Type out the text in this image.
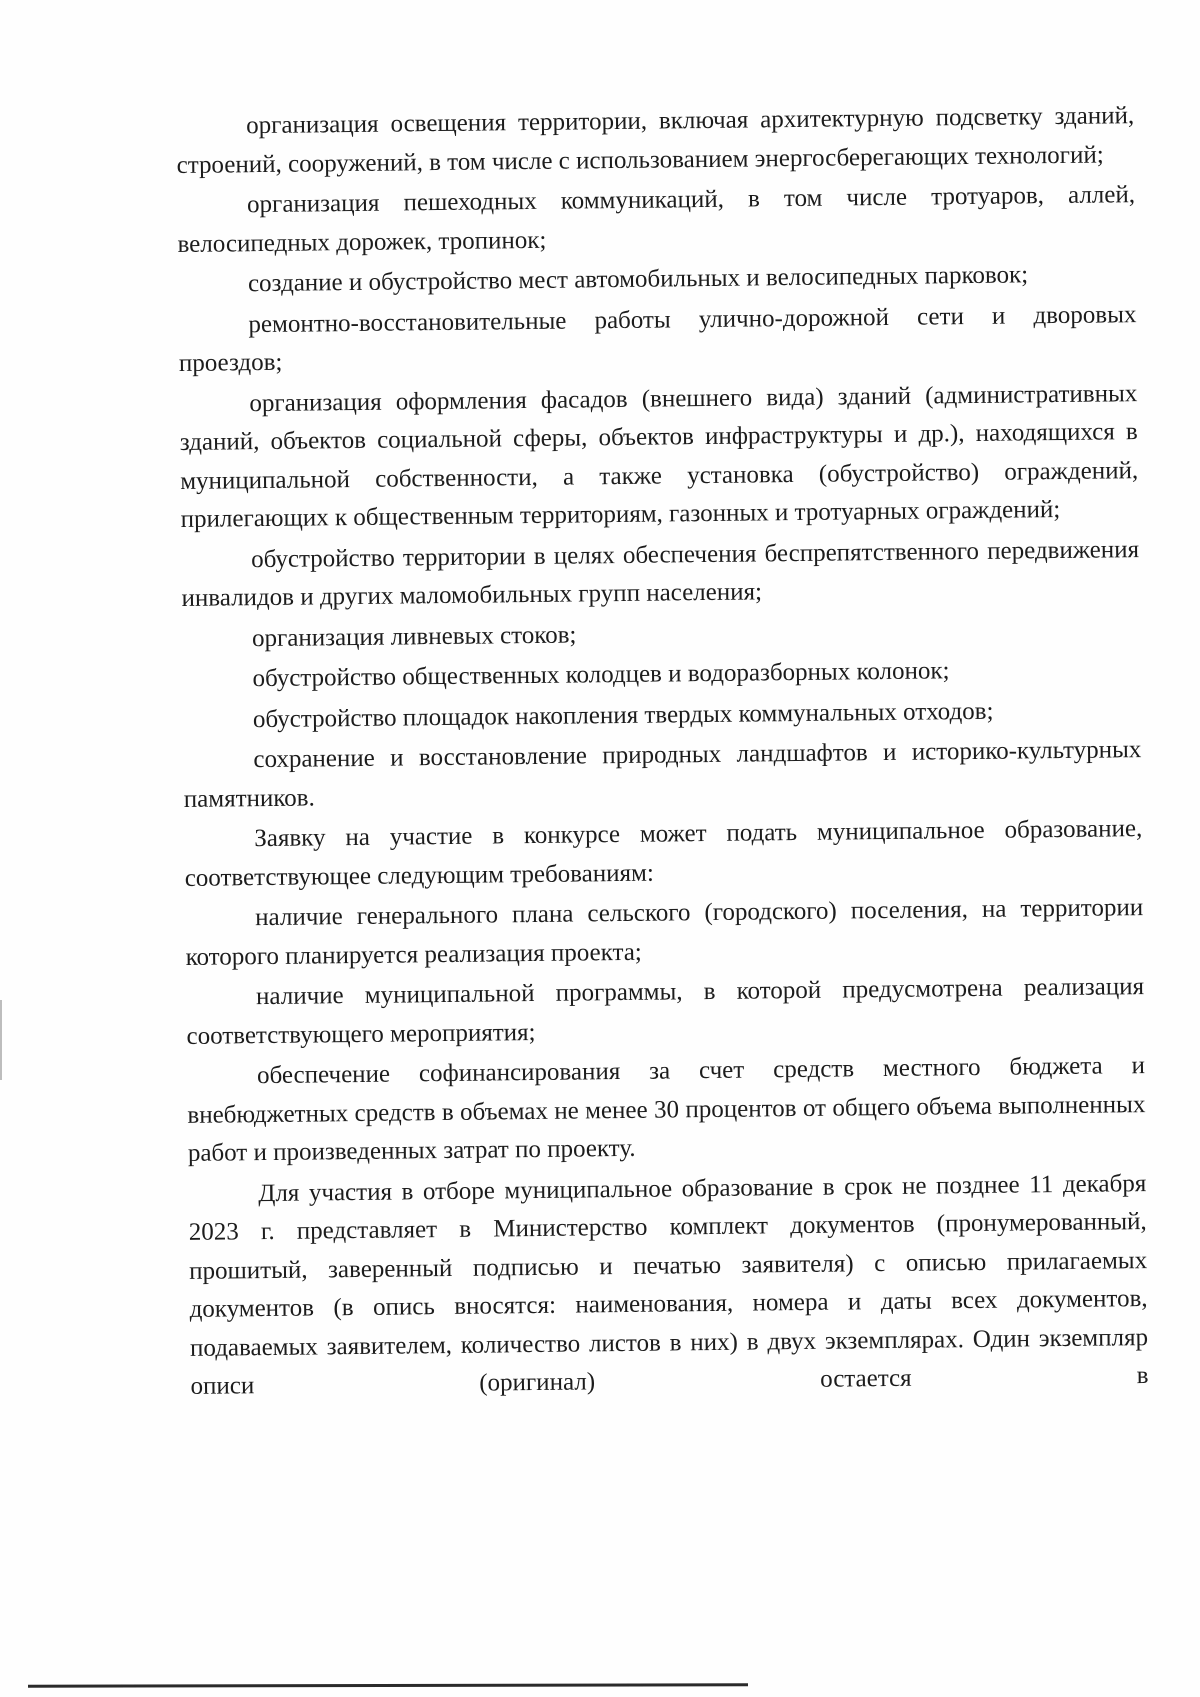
организация освещения территории, включая архитектурную подсветку зданий, строений, сооружений, в том числе с использованием энергосберегающих технологий;

организация пешеходных коммуникаций, в том числе тротуаров, аллей, велосипедных дорожек, тропинок;

создание и обустройство мест автомобильных и велосипедных парковок;

ремонтно-восстановительные работы улично-дорожной сети и дворовых проездов;

организация оформления фасадов (внешнего вида) зданий (административных зданий, объектов социальной сферы, объектов инфраструктуры и др.), находящихся в муниципальной собственности, а также установка (обустройство) ограждений, прилегающих к общественным территориям, газонных и тротуарных ограждений;

обустройство территории в целях обеспечения беспрепятственного передвижения инвалидов и других маломобильных групп населения;

организация ливневых стоков;

обустройство общественных колодцев и водоразборных колонок;

обустройство площадок накопления твердых коммунальных отходов;

сохранение и восстановление природных ландшафтов и историко-культурных памятников.

Заявку на участие в конкурсе может подать муниципальное образование, соответствующее следующим требованиям:

наличие генерального плана сельского (городского) поселения, на территории которого планируется реализация проекта;

наличие муниципальной программы, в которой предусмотрена реализация соответствующего мероприятия;

обеспечение софинансирования за счет средств местного бюджета и внебюджетных средств в объемах не менее 30 процентов от общего объема выполненных работ и произведенных затрат по проекту.

Для участия в отборе муниципальное образование в срок не позднее 11 декабря 2023 г. представляет в Министерство комплект документов (пронумерованный, прошитый, заверенный подписью и печатью заявителя) с описью прилагаемых документов (в опись вносятся: наименования, номера и даты всех документов, подаваемых заявителем, количество листов в них) в двух экземплярах. Один экземпляр описи (оригинал) остается в
